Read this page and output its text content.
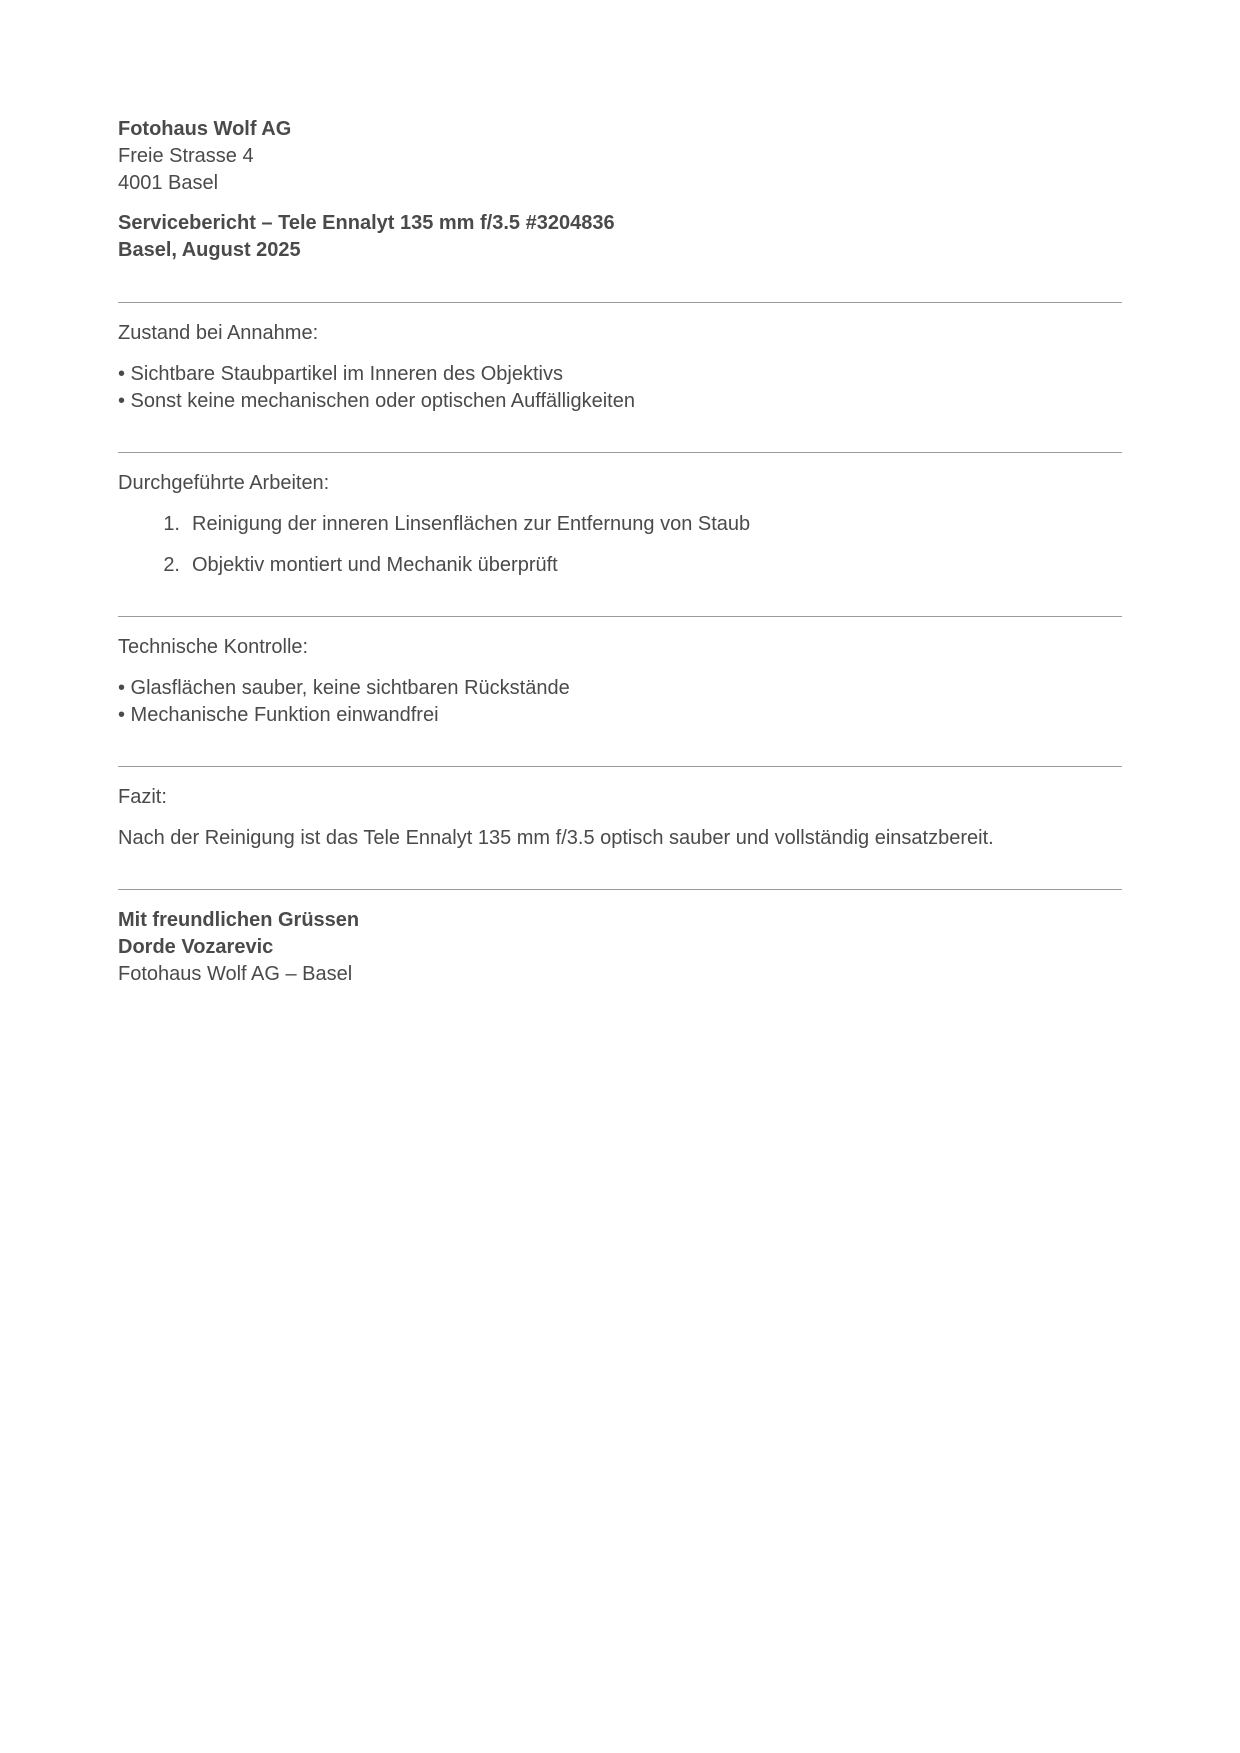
Fotohaus Wolf AG
Freie Strasse 4
4001 Basel
Servicebericht – Tele Ennalyt 135 mm f/3.5 #3204836
Basel, August 2025
Zustand bei Annahme:
• Sichtbare Staubpartikel im Inneren des Objektivs
• Sonst keine mechanischen oder optischen Auffälligkeiten
Durchgeführte Arbeiten:
1. Reinigung der inneren Linsenflächen zur Entfernung von Staub
2. Objektiv montiert und Mechanik überprüft
Technische Kontrolle:
• Glasflächen sauber, keine sichtbaren Rückstände
• Mechanische Funktion einwandfrei
Fazit:
Nach der Reinigung ist das Tele Ennalyt 135 mm f/3.5 optisch sauber und vollständig einsatzbereit.
Mit freundlichen Grüssen
Dorde Vozarevic
Fotohaus Wolf AG – Basel
